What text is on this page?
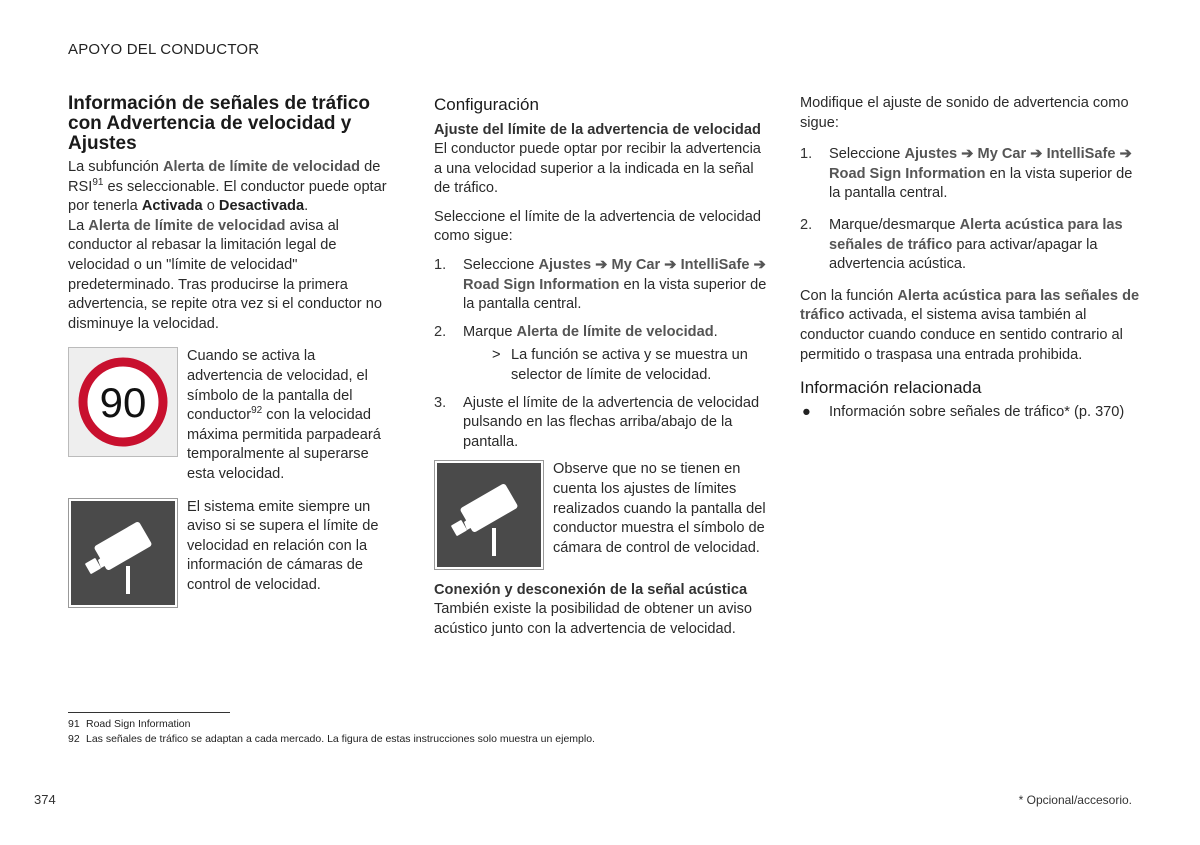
APOYO DEL CONDUCTOR
Información de señales de tráfico con Advertencia de velocidad y Ajustes

La subfunción Alerta de límite de velocidad de RSI$^{91}$ es seleccionable. El conductor puede optar por tenerla Activada o Desactivada.

La Alerta de límite de velocidad avisa al conductor al rebasar la limitación legal de velocidad o un "límite de velocidad" predeterminado. Tras producirse la primera advertencia, se repite otra vez si el conductor no disminuye la velocidad.

90

Cuando se activa la advertencia de velocidad, el símbolo de la pantalla del conductor$^{92}$ con la velocidad máxima permitida parpadeará temporalmente al superarse esta velocidad.

El sistema emite siempre un aviso si se supera el límite de velocidad en relación con la información de cámaras de control de velocidad.

Configuración
Ajuste del límite de la advertencia de velocidad

El conductor puede optar por recibir la advertencia a una velocidad superior a la indicada en la señal de tráfico.

Seleccione el límite de la advertencia de velocidad como sigue:

1. Seleccione Ajustes ➔ My Car ➔ IntelliSafe ➔ Road Sign Information en la vista superior de la pantalla central.

2. Marque Alerta de límite de velocidad.

> La función se activa y se muestra un selector de límite de velocidad.

3. Ajuste el límite de la advertencia de velocidad pulsando en las flechas arriba/abajo de la pantalla.

Observe que no se tienen en cuenta los ajustes de límites realizados cuando la pantalla del conductor muestra el símbolo de cámara de control de velocidad.

Conexión y desconexión de la señal acústica

También existe la posibilidad de obtener un aviso acústico junto con la advertencia de velocidad.

Modifique el ajuste de sonido de advertencia como sigue:

1. Seleccione Ajustes ➔ My Car ➔ IntelliSafe ➔ Road Sign Information en la vista superior de la pantalla central.

2. Marque/desmarque Alerta acústica para las señales de tráfico para activar/apagar la advertencia acústica.

Con la función Alerta acústica para las señales de tráfico activada, el sistema avisa también al conductor cuando conduce en sentido contrario al permitido o traspasa una entrada prohibida.

Información relacionada
● Información sobre señales de tráfico* (p. 370)

91 Road Sign Information
92 Las señales de tráfico se adaptan a cada mercado. La figura de estas instrucciones solo muestra un ejemplo.
374	* Opcional/accesorio.
